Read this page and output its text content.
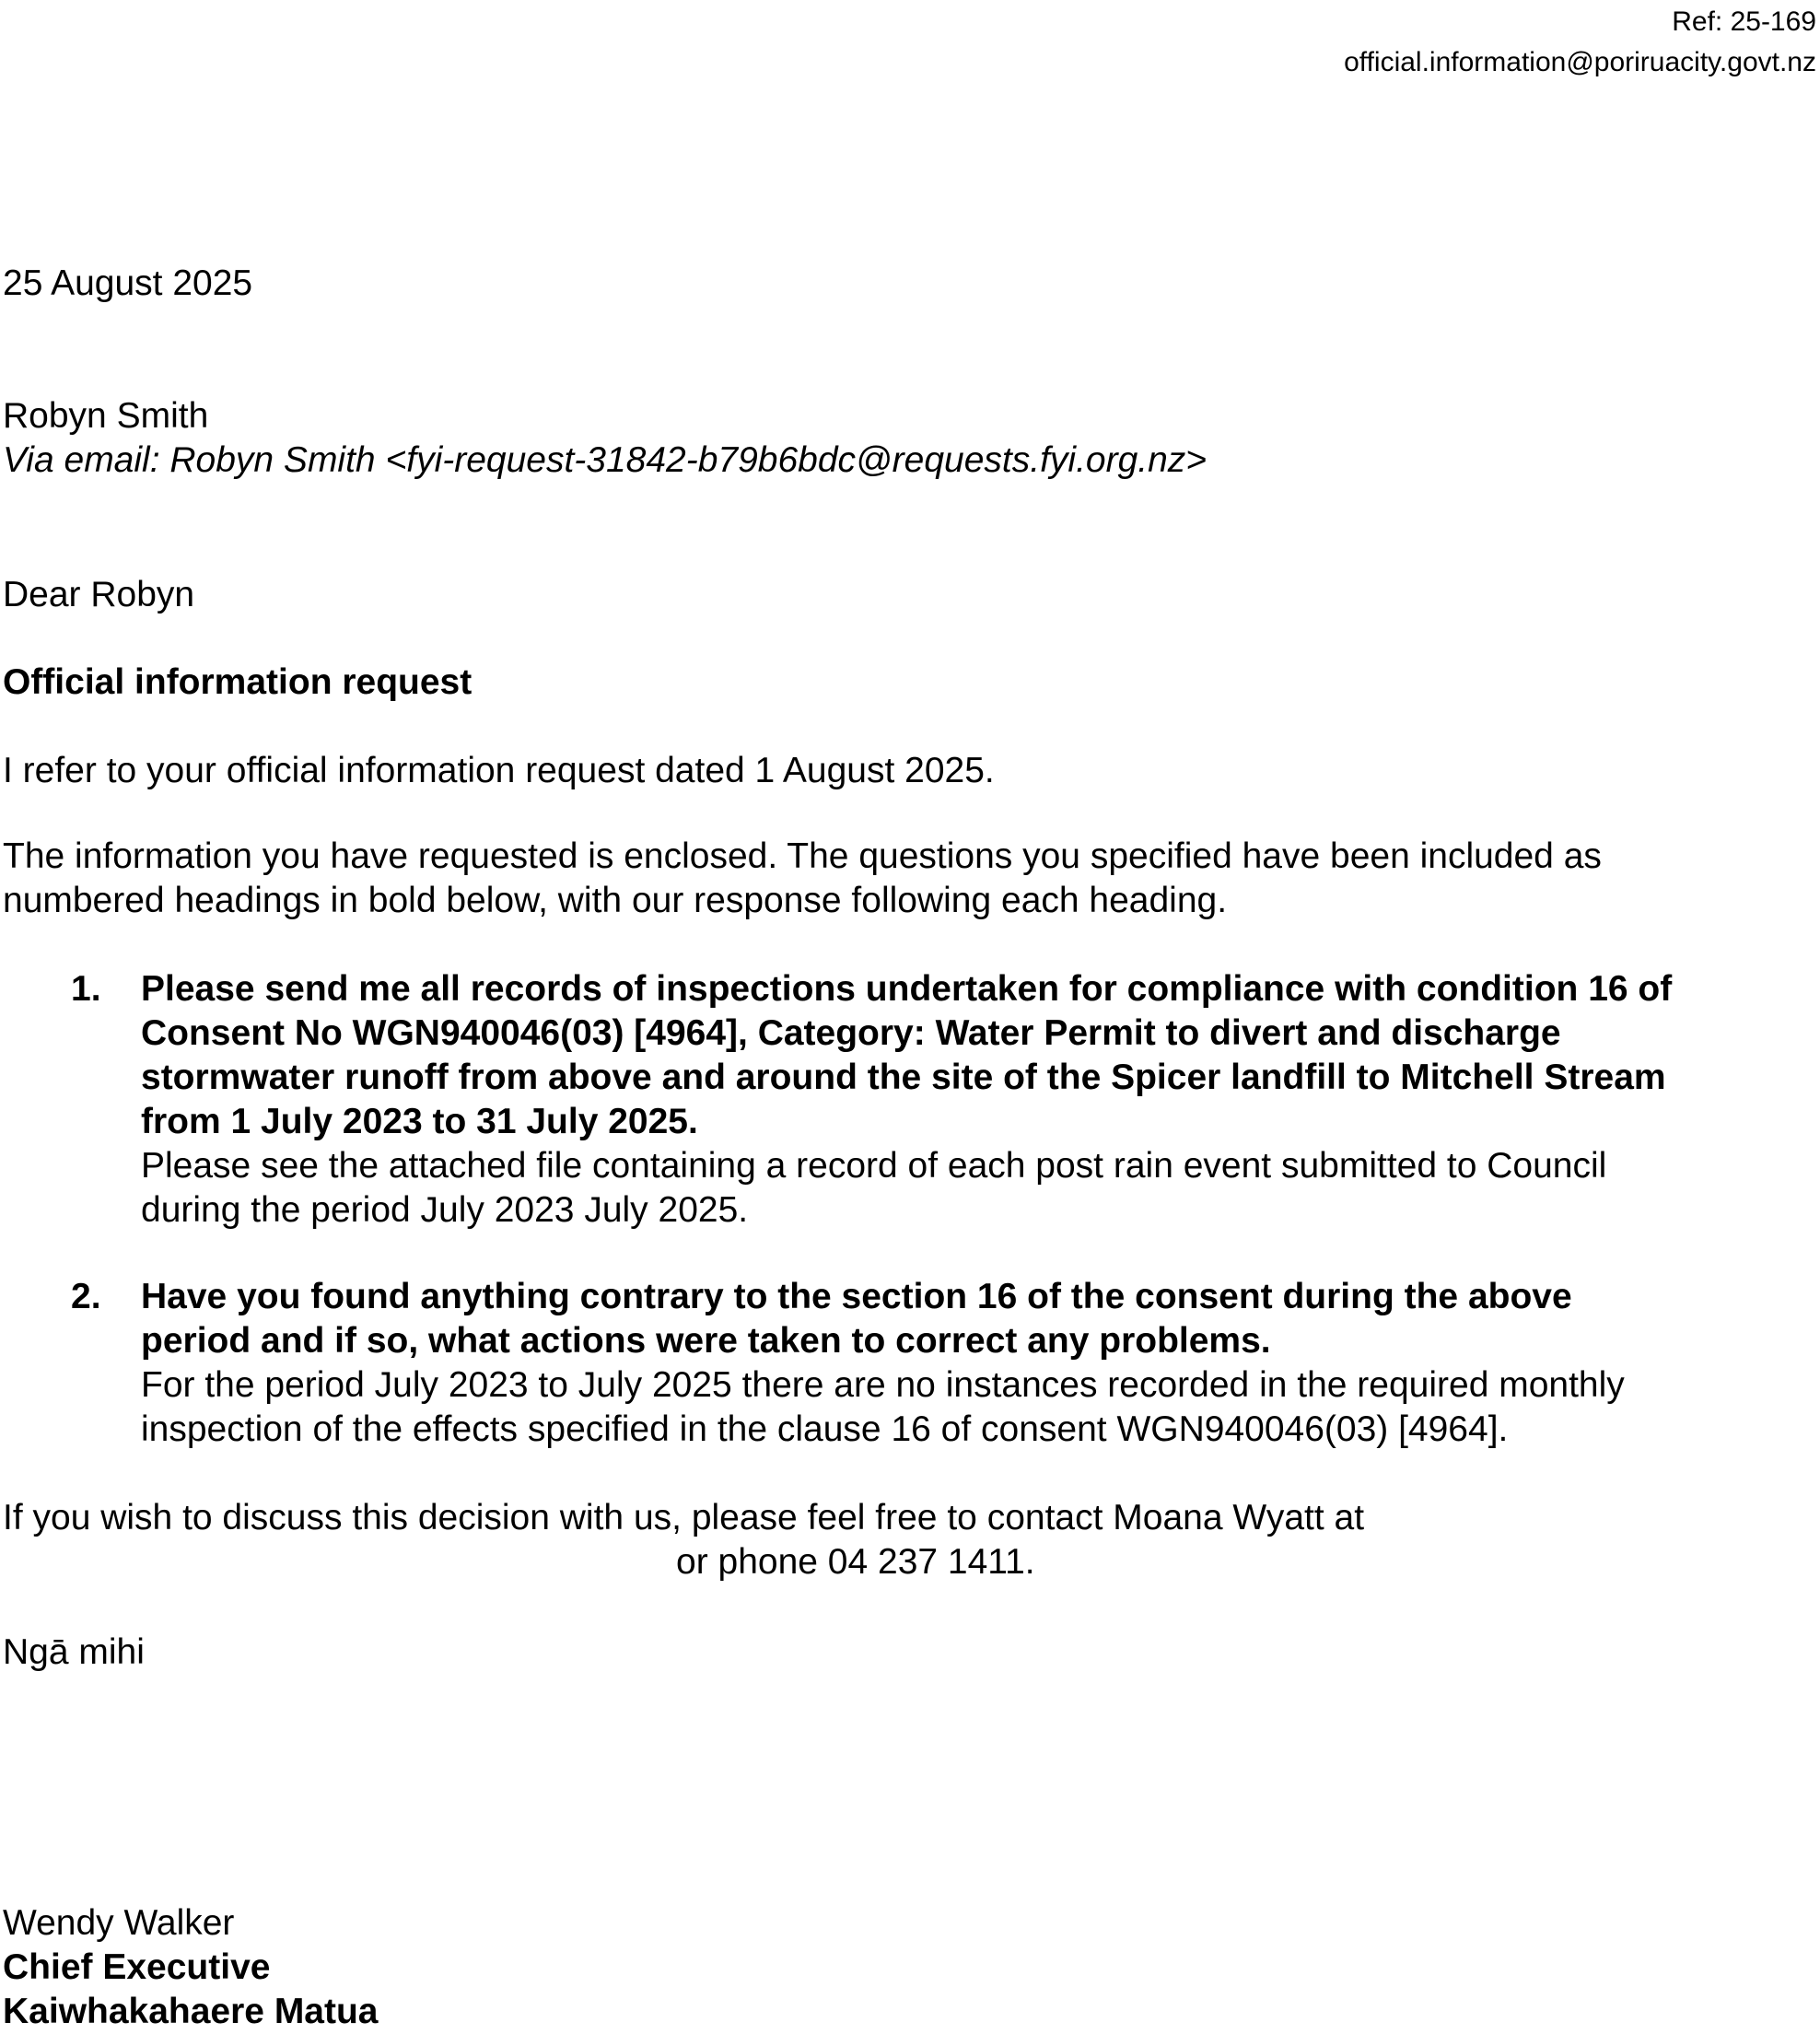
Ref: 25-169
official.information@poriruacity.govt.nz
25 August 2025
Robyn Smith
Via email: Robyn Smith <fyi-request-31842-b79b6bdc@requests.fyi.org.nz>
Dear Robyn
Official information request
I refer to your official information request dated 1 August 2025.
The information you have requested is enclosed. The questions you specified have been included as
numbered headings in bold below, with our response following each heading.
1. Please send me all records of inspections undertaken for compliance with condition 16 of
Consent No WGN940046(03) [4964], Category: Water Permit to divert and discharge
stormwater runoff from above and around the site of the Spicer landfill to Mitchell Stream
from 1 July 2023 to 31 July 2025.
Please see the attached file containing a record of each post rain event submitted to Council
during the period July 2023 July 2025.
2. Have you found anything contrary to the section 16 of the consent during the above
period and if so, what actions were taken to correct any problems.
For the period July 2023 to July 2025 there are no instances recorded in the required monthly
inspection of the effects specified in the clause 16 of consent WGN940046(03) [4964].
If you wish to discuss this decision with us, please feel free to contact Moana Wyatt at
or phone 04 237 1411.
Ngā mihi
Wendy Walker
Chief Executive
Kaiwhakahaere Matua
